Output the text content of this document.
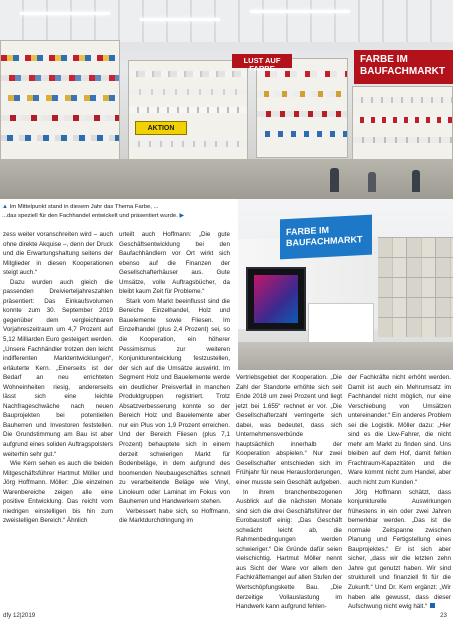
LUST AUF FARBE
FARBE IM BAUFACHMARKT
AKTION
FARBE IM BAUFACHMARKT
▲ Im Mittelpunkt stand in diesem Jahr das Thema Farbe, ...
...das speziell für den Fachhandel entwickelt und präsentiert wurde. ▶

zess weiter voranschreiten wird – auch ohne direkte Akquise –, denn der Druck und die Erwartungshaltung seitens der Mitglieder in diesen Kooperationen steigt auch.“

Dazu wurden auch gleich die passenden Dreivierteljahreszahlen präsentiert: Das Einkaufsvolumen konnte zum 30. September 2019 gegenüber dem vergleichbaren Vorjahreszeitraum um 4,7 Prozent auf 5,12 Milliarden Euro gesteigert werden. „Unsere Fachhändler trotzen den leicht indifferenten Marktentwicklungen“, erläuterte Kern. „Einerseits ist der Bedarf an neu errichteten Wohneinheiten riesig, andererseits lässt sich eine leichte Nachfrageschwäche nach neuen Bauprojekten bei potentiellen Bauherren und Investoren feststellen. Die Grundstimmung am Bau ist aber aufgrund eines soliden Auftragspolsters weiterhin sehr gut.“

Wie Kern sehen es auch die beiden Mitgeschäftsführer Hartmut Möller und Jörg Hoffmann. Möller: „Die einzelnen Warenbereiche zeigen alle eine positive Entwicklung. Das reicht vom niedrigen einstelligen bis hin zum zweistelligen Bereich.“ Ähnlich

urteilt auch Hoffmann: „Die gute Geschäftsentwicklung bei den Baufachhändlern vor Ort wirkt sich ebenso auf die Finanzen der Gesellschafterhäuser aus. Gute Umsätze, volle Auftragsbücher, da bleibt kaum Zeit für Probleme.“

Stark vom Markt beeinflusst sind die Bereiche Einzelhandel, Holz und Bauelemente sowie Fliesen. Im Einzelhandel (plus 2,4 Prozent) sei, so die Kooperation, ein höherer Pessimismus zur weiteren Konjunkturentwicklung festzustellen, der sich auf die Umsätze auswirkt. Im Segment Holz und Bauelemente werde ein deutlicher Preisverfall in manchen Produktgruppen registriert. Trotz Absatzverbesserung konnte so der Bereich Holz und Bauelemente aber nur ein Plus von 1,9 Prozent erreichen. Und der Bereich Fliesen (plus 7,1 Prozent) behauptete sich in einem derzeit schwierigen Markt für Bodenbeläge, in dem aufgrund des boomenden Neubaugeschäftes schnell zu verarbeitende Beläge wie Vinyl, Linoleum oder Laminat im Fokus von Bauherren und Handwerkern stehen.

Verbessert habe sich, so Hoffmann, die Marktdurchdringung im

Vertriebsgebiet der Kooperation. „Die Zahl der Standorte erhöhte sich seit Ende 2018 um zwei Prozent und liegt jetzt bei 1.655“ rechnet er vor. „Die Gesellschafterzahl verringerte sich dabei, was bedeutet, dass sich Unternehmensverbünde hauptsächlich innerhalb der Kooperation abspielen.“ Nur zwei Gesellschafter entschieden sich im Frühjahr für neue Herausforderungen, einer musste sein Geschäft aufgeben.

In ihrem branchenbezogenen Ausblick auf die nächsten Monate sind sich die drei Geschäftsführer der Eurobaustoff einig: „Das Geschäft schwächt leicht ab, die Rahmenbedingungen werden schwieriger.“ Die Gründe dafür seien vielschichtig. Hartmut Möller nennt aus Sicht der Ware vor allem den Fachkräftemangel auf allen Stufen der Wertschöpfungskette Bau. „Die derzeitige Vollauslastung im Handwerk kann aufgrund fehlen-

der Fachkräfte nicht erhöht werden. Damit ist auch ein Mehrumsatz im Fachhandel nicht möglich, nur eine Verschiebung von Umsätzen untereinander.“ Ein anderes Problem sei die Logistik. Möller dazu: „Hier sind es die Lkw-Fahrer, die nicht mehr am Markt zu finden sind. Uns bleiben auf dem Hof, damit fehlen Frachtraum-Kapazitäten und die Ware kommt nicht zum Handel, aber auch nicht zum Kunden.“

Jörg Hoffmann schätzt, dass konjunkturelle Auswirkungen frühestens in ein oder zwei Jahren bemerkbar werden. „Das ist die normale Zeitspanne zwischen Planung und Fertigstellung eines Bauprojektes.“ Er ist sich aber sicher, „dass wir die letzten zehn Jahre gut genutzt haben. Wir sind strukturell und finanziell fit für die Zukunft.“ Und Dr. Kern ergänzt: „Wir haben alle gewusst, dass dieser Aufschwung nicht ewig hält.“

dfy 12|2019	23
